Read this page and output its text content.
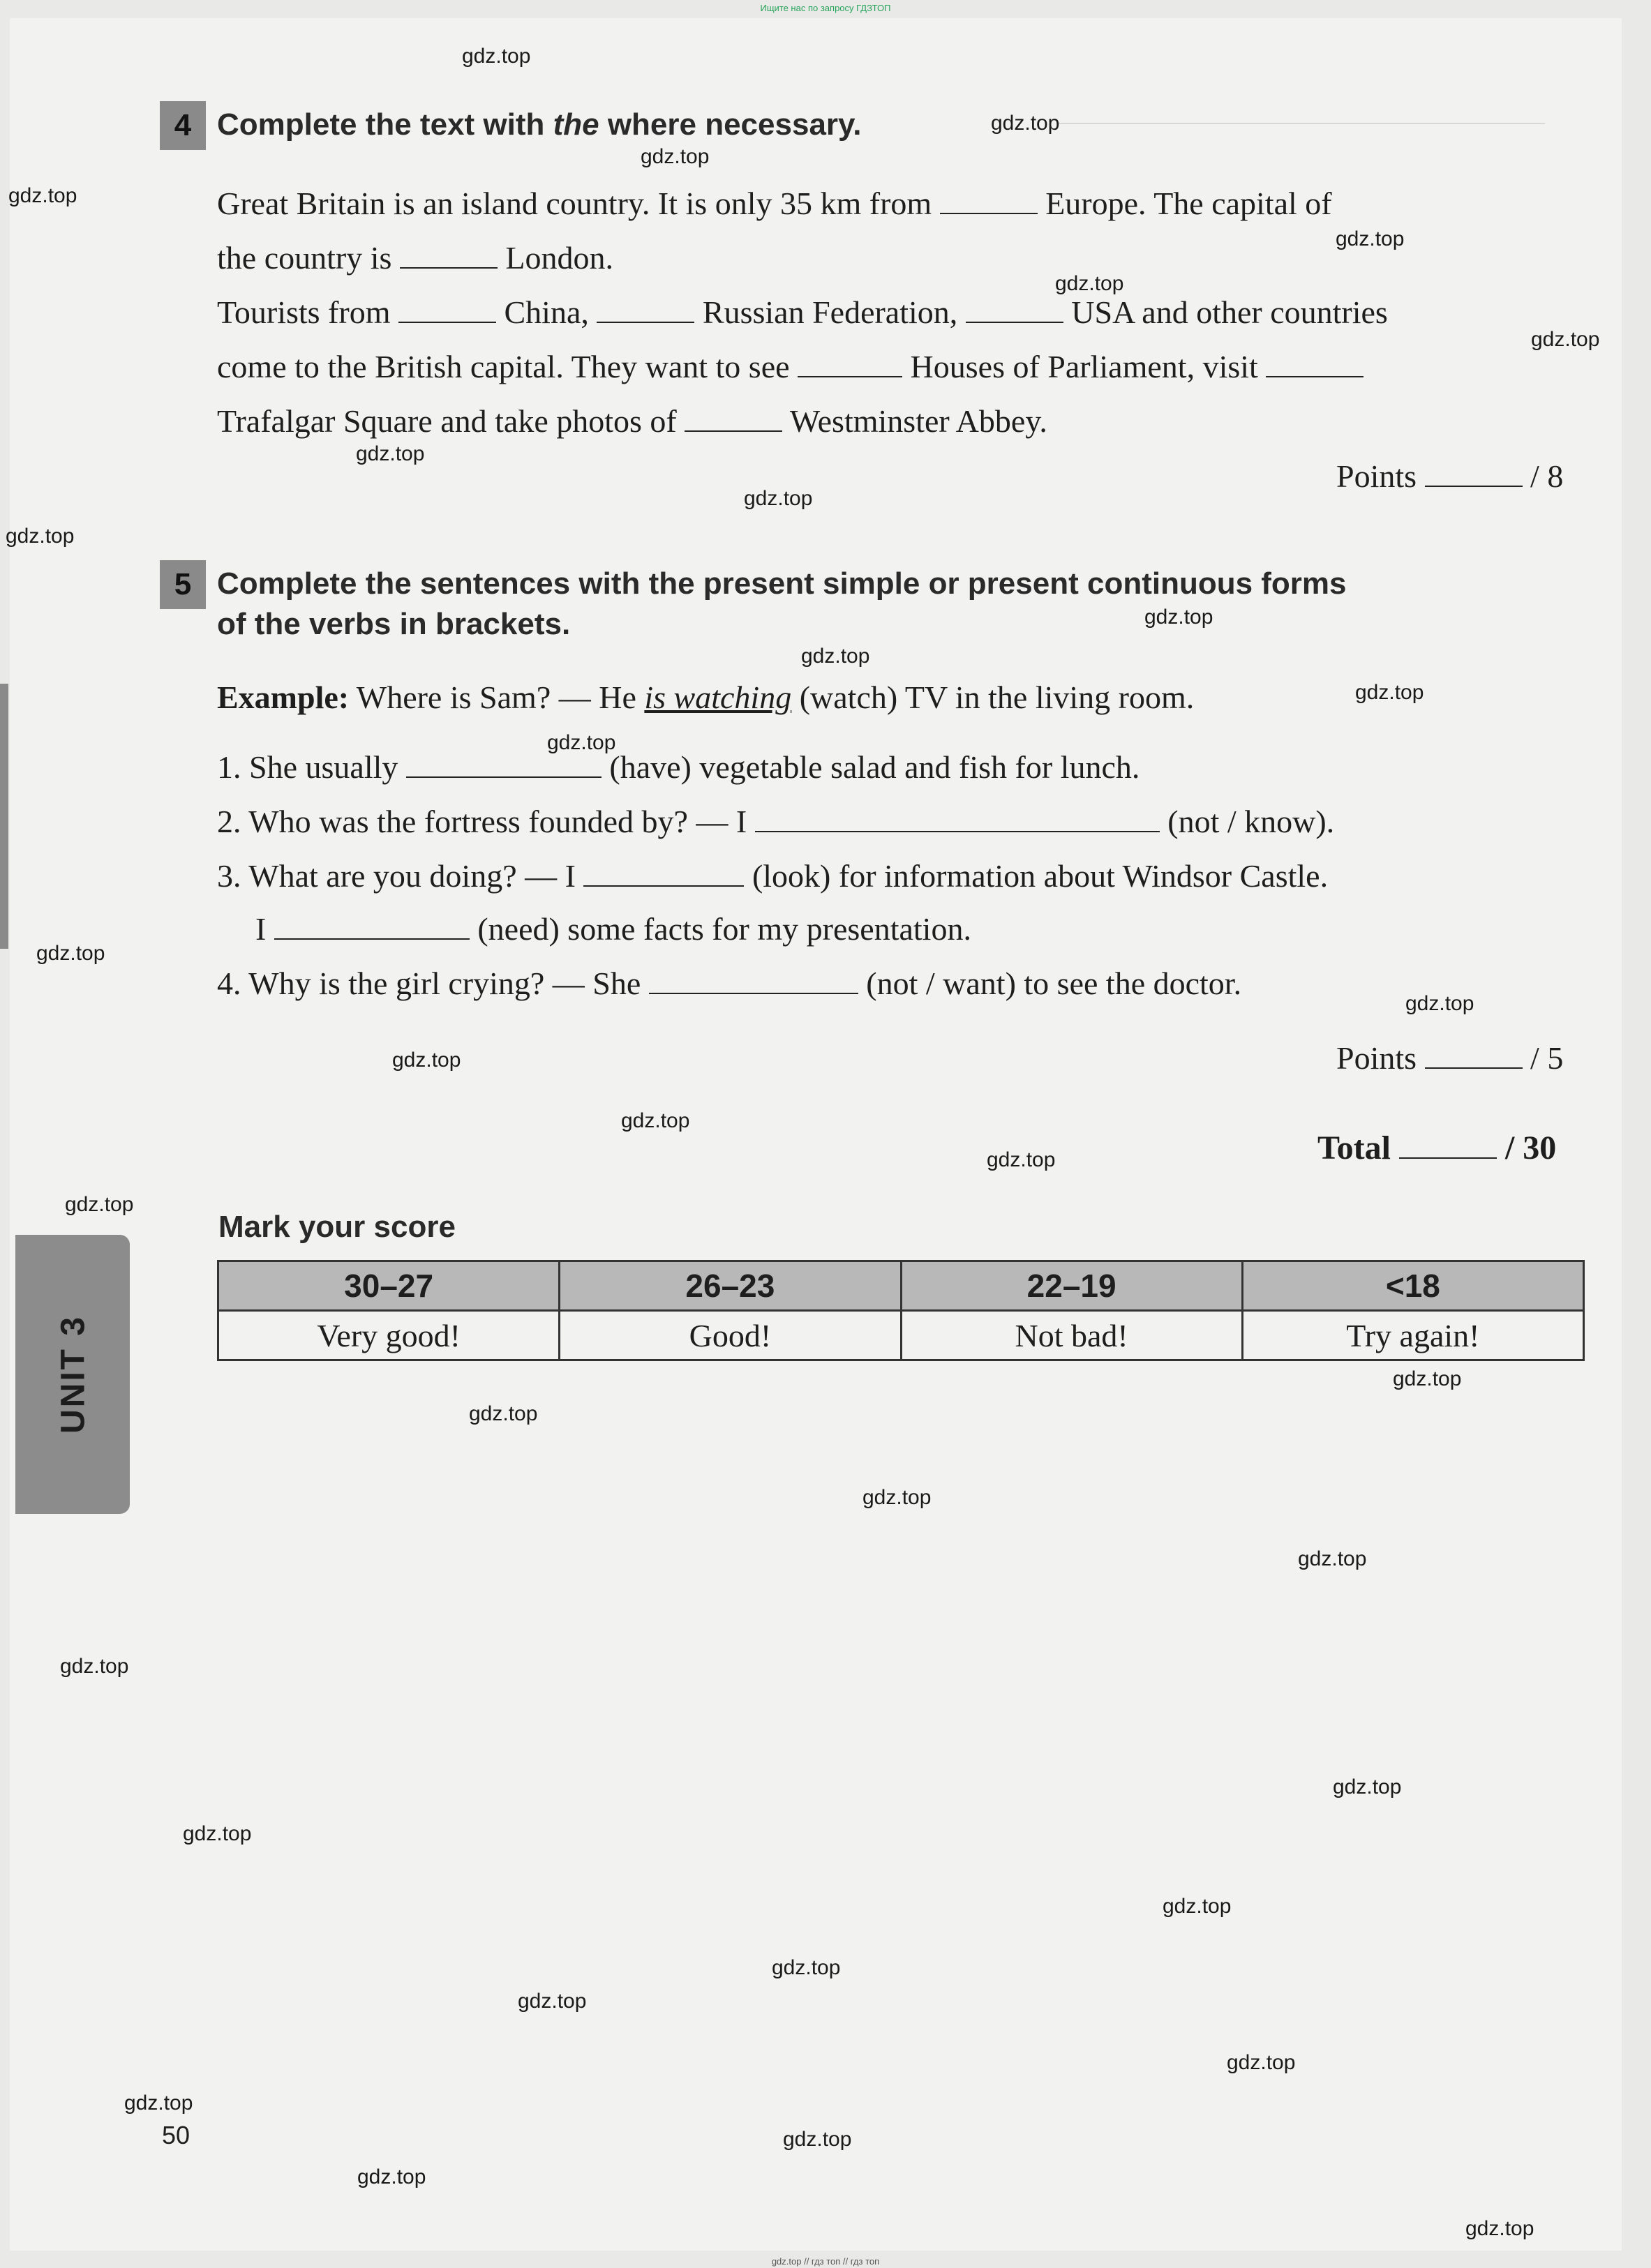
Ищите нас по запросу ГДЗТОП
4 Complete the text with the where necessary.
Great Britain is an island country. It is only 35 km from	Europe. The capital of
the country is	London.
Tourists from	China,	Russian Federation,	USA and other countries
come to the British capital. They want to see	Houses of Parliament, visit
Trafalgar Square and take photos of	Westminster Abbey.
Points	/ 8
5 Complete the sentences with the present simple or present continuous forms
of the verbs in brackets.
Example: Where is Sam? — He is watching (watch) TV in the living room.
1. She usually	(have) vegetable salad and fish for lunch.
2. Who was the fortress founded by? — I	(not / know).
3. What are you doing? — I	(look) for information about Windsor Castle.
I	(need) some facts for my presentation.
4. Why is the girl crying? — She	(not / want) to see the doctor.
Points	/ 5
Total	/ 30
Mark your score
30–27	26–23	22–19	<18
Very good!	Good!	Not bad!	Try again!
UNIT 3
gdz.top
gdz.top
gdz.top
gdz.top
gdz.top
gdz.top
gdz.top
gdz.top
gdz.top
gdz.top
gdz.top
gdz.top
gdz.top
gdz.top
gdz.top
gdz.top
gdz.top
gdz.top
gdz.top
gdz.top
gdz.top
gdz.top
gdz.top
gdz.top
gdz.top
gdz.top
gdz.top
gdz.top
gdz.top
gdz.top
gdz.top
gdz.top
gdz.top
gdz.top
gdz.top
50
gdz.top // гдз топ // гдз топ
